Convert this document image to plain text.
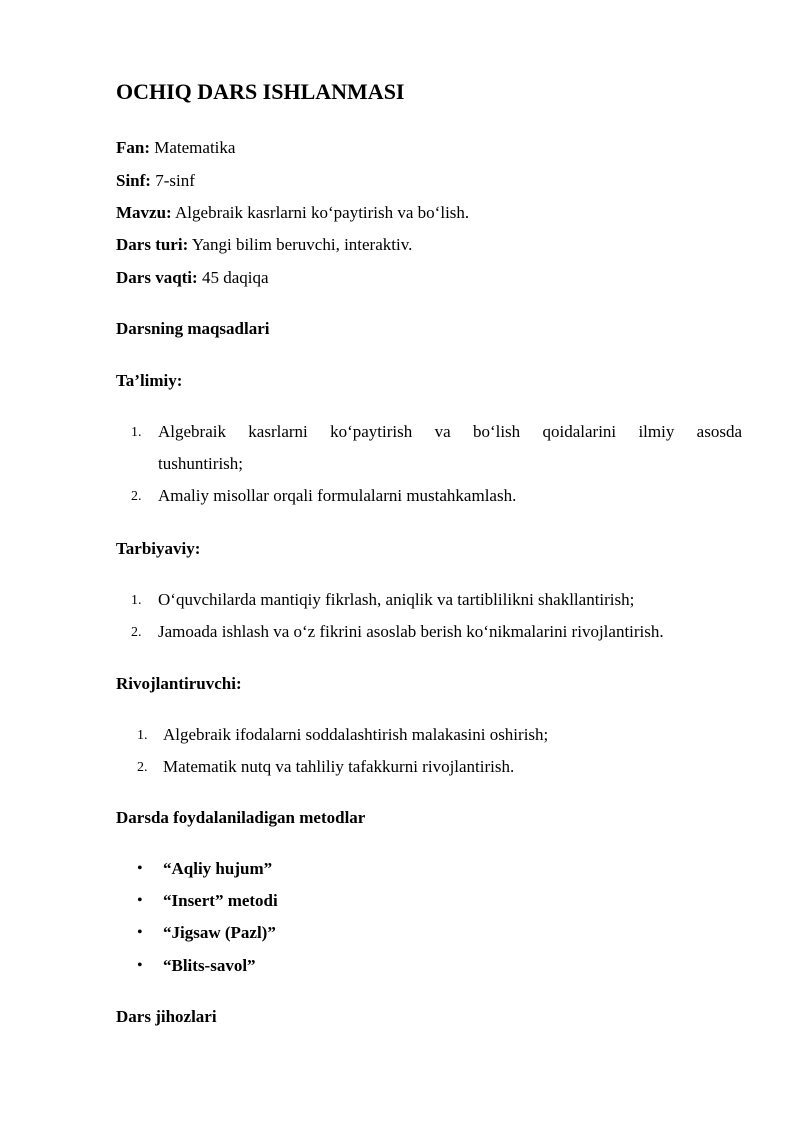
OCHIQ DARS ISHLANMASI
Fan: Matematika
Sinf: 7-sinf
Mavzu: Algebraik kasrlarni ko‘paytirish va bo‘lish.
Dars turi: Yangi bilim beruvchi, interaktiv.
Dars vaqti: 45 daqiqa
Darsning maqsadlari
Ta’limiy:
1. Algebraik kasrlarni ko‘paytirish va bo‘lish qoidalarini ilmiy asosda
tushuntirish;
2. Amaliy misollar orqali formulalarni mustahkamlash.
Tarbiyaviy:
1. O‘quvchilarda mantiqiy fikrlash, aniqlik va tartiblilikni shakllantirish;
2. Jamoada ishlash va o‘z fikrini asoslab berish ko‘nikmalarini rivojlantirish.
Rivojlantiruvchi:
1. Algebraik ifodalarni soddalashtirish malakasini oshirish;
2. Matematik nutq va tahliliy tafakkurni rivojlantirish.
Darsda foydalaniladigan metodlar
• “Aqliy hujum”
• “Insert” metodi
• “Jigsaw (Pazl)”
• “Blits-savol”
Dars jihozlari
